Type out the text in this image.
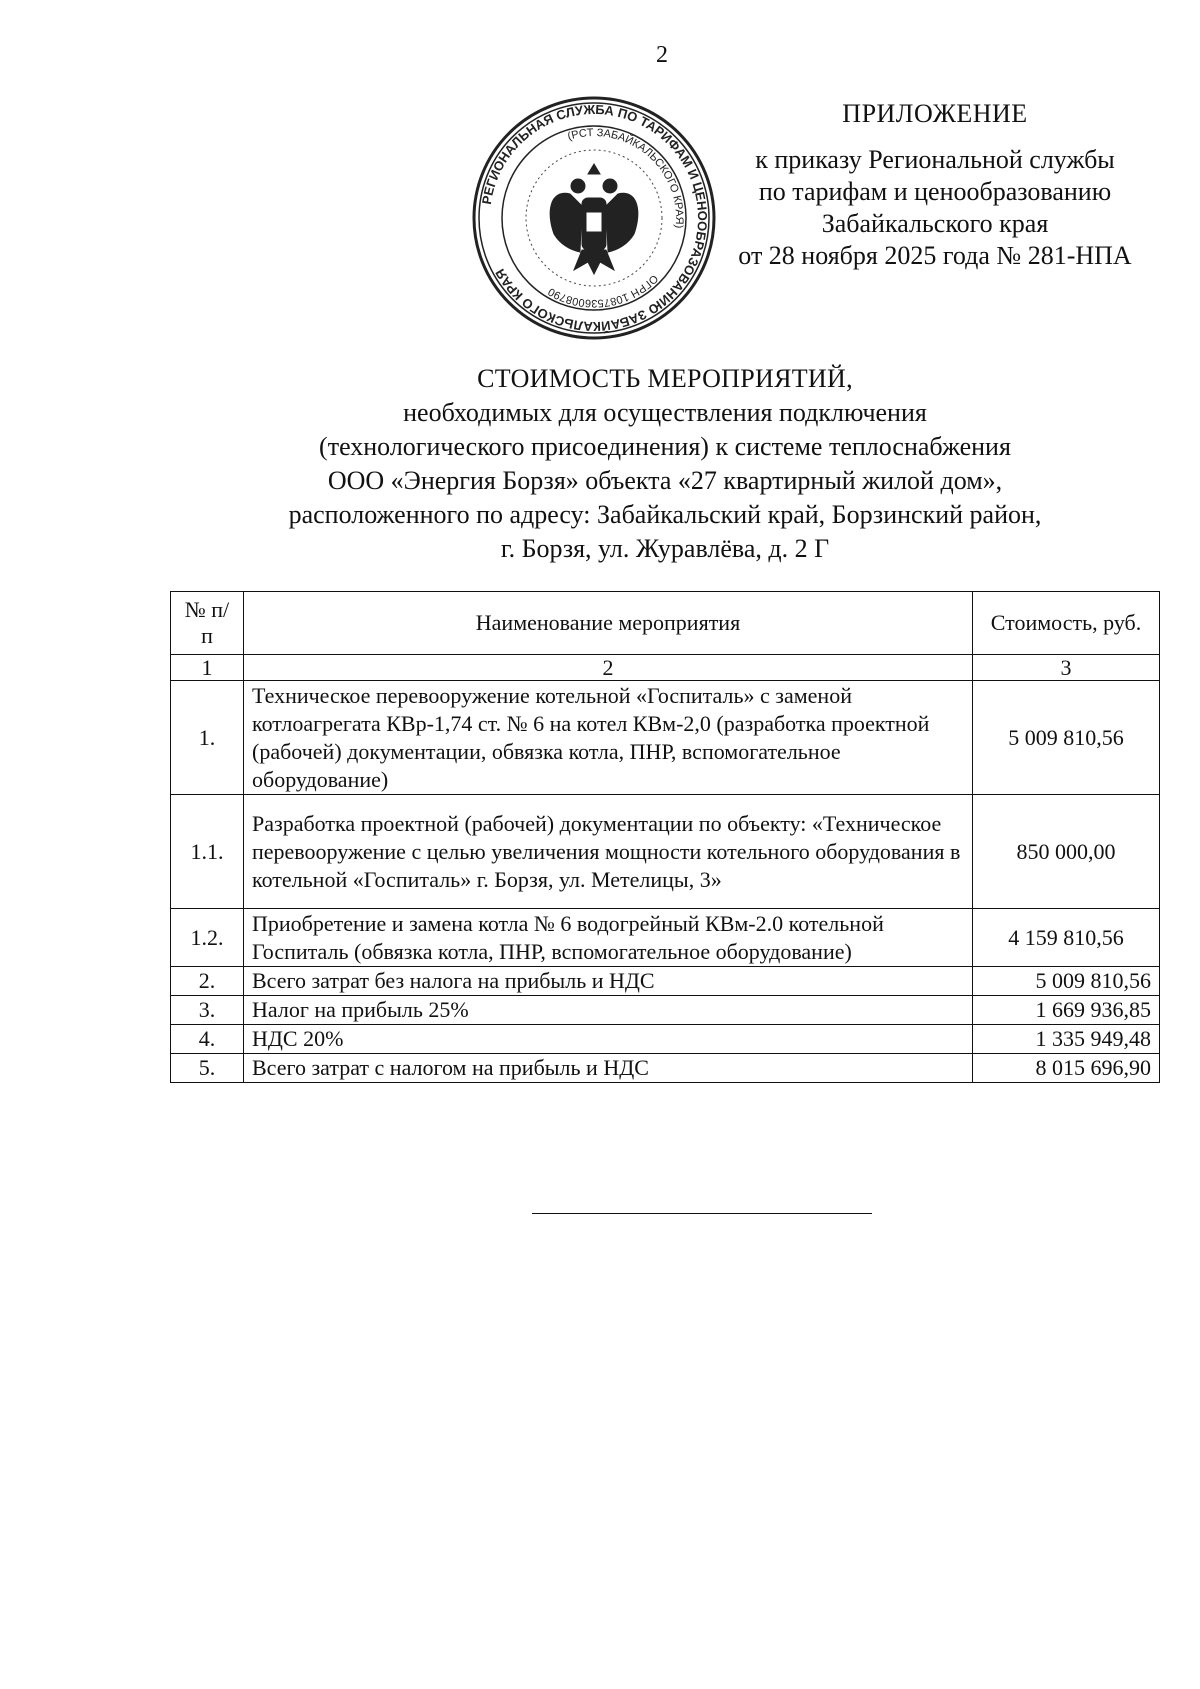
2
РЕГИОНАЛЬНАЯ СЛУЖБА ПО ТАРИФАМ И ЦЕНООБРАЗОВАНИЮ ЗАБАЙКАЛЬСКОГО КРАЯ
(РСТ ЗАБАЙКАЛЬСКОГО КРАЯ)
ОГРН 1087536008790
ПРИЛОЖЕНИЕ
к приказу Региональной службы
по тарифам и ценообразованию
Забайкальского края
от 28 ноября 2025 года № 281-НПА
СТОИМОСТЬ МЕРОПРИЯТИЙ,
необходимых для осуществления подключения
(технологического присоединения) к системе теплоснабжения
ООО «Энергия Борзя» объекта «27 квартирный жилой дом»,
расположенного по адресу: Забайкальский край, Борзинский район,
г. Борзя, ул. Журавлёва, д. 2 Г
№ п/п	Наименование мероприятия	Стоимость, руб.
1	2	3
1.	Техническое перевооружение котельной «Госпиталь» с заменой котлоагрегата КВр-1,74 ст. № 6 на котел КВм-2,0 (разработка проектной (рабочей) документации, обвязка котла, ПНР, вспомогательное оборудование)	5 009 810,56
1.1.	Разработка проектной (рабочей) документации по объекту: «Техническое перевооружение с целью увеличения мощности котельного оборудования в котельной «Госпиталь» г. Борзя, ул. Метелицы, 3»	850 000,00
1.2.	Приобретение и замена котла № 6 водогрейный КВм-2.0 котельной Госпиталь (обвязка котла, ПНР, вспомогательное оборудование)	4 159 810,56
2.	Всего затрат без налога на прибыль и НДС	5 009 810,56
3.	Налог на прибыль 25%	1 669 936,85
4.	НДС 20%	1 335 949,48
5.	Всего затрат с налогом на прибыль и НДС	8 015 696,90
